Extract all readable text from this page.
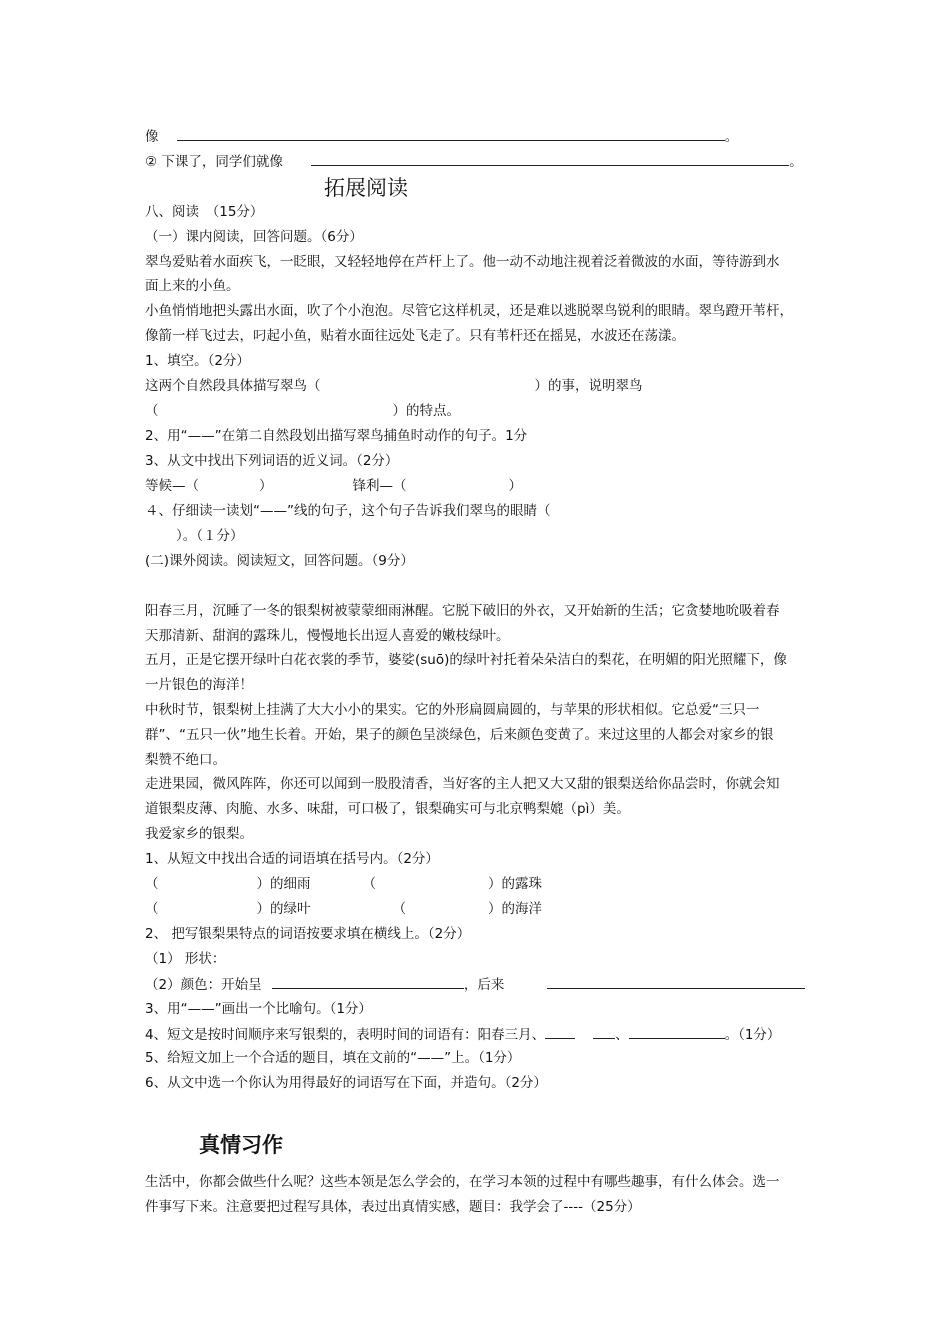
像	。
② 下课了，同学们就像	。
拓展阅读
八、阅读　（15分）
（一）课内阅读，回答问题。（6分）
翠鸟爱贴着水面疾飞，一眨眼，又轻轻地停在芦杆上了。他一动不动地注视着泛着微波的水面，等待游到水
面上来的小鱼。
小鱼悄悄地把头露出水面，吹了个小泡泡。尽管它这样机灵，还是难以逃脱翠鸟锐利的眼睛。翠鸟蹬开苇杆，
像箭一样飞过去，叼起小鱼，贴着水面往远处飞走了。只有苇杆还在摇晃，水波还在荡漾。
1、填空。（2分）
这两个自然段具体描写翠鸟（	）的事，说明翠鸟
（	）的特点。
2、用“——”在第二自然段划出描写翠鸟捕鱼时动作的句子。1分
3、从文中找出下列词语的近义词。（2分）
等候—（	）	锋利—（	）
４、仔细读一读划“——”线的句子，这个句子告诉我们翠鸟的眼睛（
）。（１分）
(二)课外阅读。阅读短文，回答问题。（9分）
阳春三月，沉睡了一冬的银梨树被蒙蒙细雨淋醒。它脱下破旧的外衣，又开始新的生活；它贪婪地吮吸着春
天那清新、甜润的露珠儿，慢慢地长出逗人喜爱的嫩枝绿叶。
五月，正是它摆开绿叶白花衣裳的季节，婆娑(suō)的绿叶衬托着朵朵洁白的梨花，在明媚的阳光照耀下，像
一片银色的海洋！
中秋时节，银梨树上挂满了大大小小的果实。它的外形扁圆扁圆的，与苹果的形状相似。它总爱“三只一
群”、“五只一伙”地生长着。开始，果子的颜色呈淡绿色，后来颜色变黄了。来过这里的人都会对家乡的银
梨赞不绝口。
走进果园，微风阵阵，你还可以闻到一股股清香，当好客的主人把又大又甜的银梨送给你品尝时，你就会知
道银梨皮薄、肉脆、水多、味甜，可口极了，银梨确实可与北京鸭梨媲（pì）美。
我爱家乡的银梨。
1、从短文中找出合适的词语填在括号内。（2分）
（	）的细雨	（	）的露珠
（	）的绿叶	（	）的海洋
2、 把写银梨果特点的词语按要求填在横线上。（2分）
（1） 形状：
（2）颜色：开始呈	，后来
3、用“——”画出一个比喻句。（1分）
4、短文是按时间顺序来写银梨的，表明时间的词语有：阳春三月、	、	。（1分）
5、给短文加上一个合适的题目，填在文前的“——”上。（1分）
6、从文中选一个你认为用得最好的词语写在下面，并造句。（2分）
真情习作
生活中，你都会做些什么呢？这些本领是怎么学会的，在学习本领的过程中有哪些趣事，有什么体会。选一
件事写下来。注意要把过程写具体，表过出真情实感，题目：我学会了----（25分）
